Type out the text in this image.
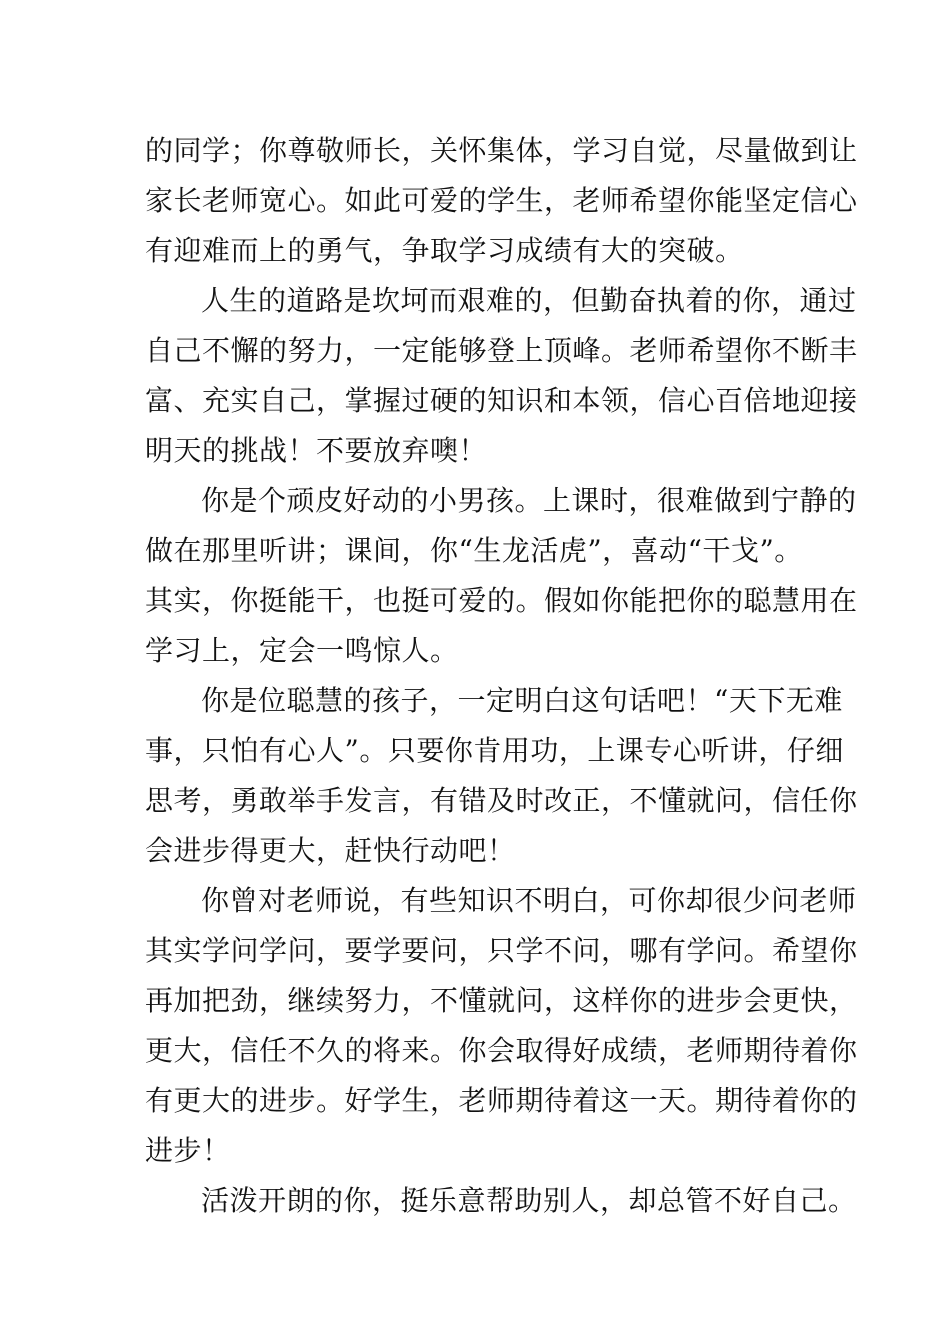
的同学；你尊敬师长，关怀集体，学习自觉，尽量做到让
家长老师宽心。如此可爱的学生，老师希望你能坚定信心
有迎难而上的勇气，争取学习成绩有大的突破。
人生的道路是坎坷而艰难的，但勤奋执着的你，通过
自己不懈的努力，一定能够登上顶峰。老师希望你不断丰
富、充实自己，掌握过硬的知识和本领，信心百倍地迎接
明天的挑战！不要放弃噢！
你是个顽皮好动的小男孩。上课时，很难做到宁静的
做在那里听讲；课间，你“生龙活虎”，喜动“干戈”。
其实，你挺能干，也挺可爱的。假如你能把你的聪慧用在
学习上，定会一鸣惊人。
你是位聪慧的孩子，一定明白这句话吧！“天下无难
事，只怕有心人”。只要你肯用功，上课专心听讲，仔细
思考，勇敢举手发言，有错及时改正，不懂就问，信任你
会进步得更大，赶快行动吧！
你曾对老师说，有些知识不明白，可你却很少问老师
其实学问学问，要学要问，只学不问，哪有学问。希望你
再加把劲，继续努力，不懂就问，这样你的进步会更快，
更大，信任不久的将来。你会取得好成绩，老师期待着你
有更大的进步。好学生，老师期待着这一天。期待着你的
进步！
活泼开朗的你，挺乐意帮助别人，却总管不好自己。
